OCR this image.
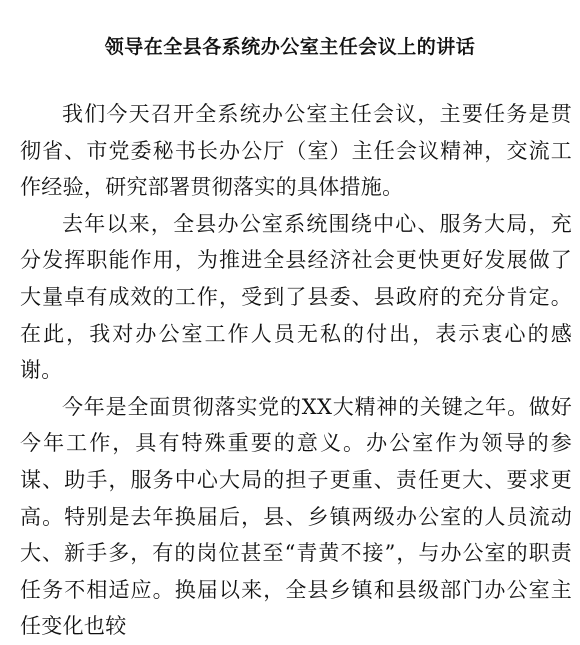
领导在全县各系统办公室主任会议上的讲话

我们今天召开全系统办公室主任会议，主要任务是贯彻省、市党委秘书长办公厅（室）主任会议精神，交流工作经验，研究部署贯彻落实的具体措施。

去年以来，全县办公室系统围绕中心、服务大局，充分发挥职能作用，为推进全县经济社会更快更好发展做了大量卓有成效的工作，受到了县委、县政府的充分肯定。在此，我对办公室工作人员无私的付出，表示衷心的感谢。

今年是全面贯彻落实党的XX大精神的关键之年。做好今年工作，具有特殊重要的意义。办公室作为领导的参谋、助手，服务中心大局的担子更重、责任更大、要求更高。特别是去年换届后，县、乡镇两级办公室的人员流动大、新手多，有的岗位甚至“青黄不接”，与办公室的职责任务不相适应。换届以来，全县乡镇和县级部门办公室主任变化也较
